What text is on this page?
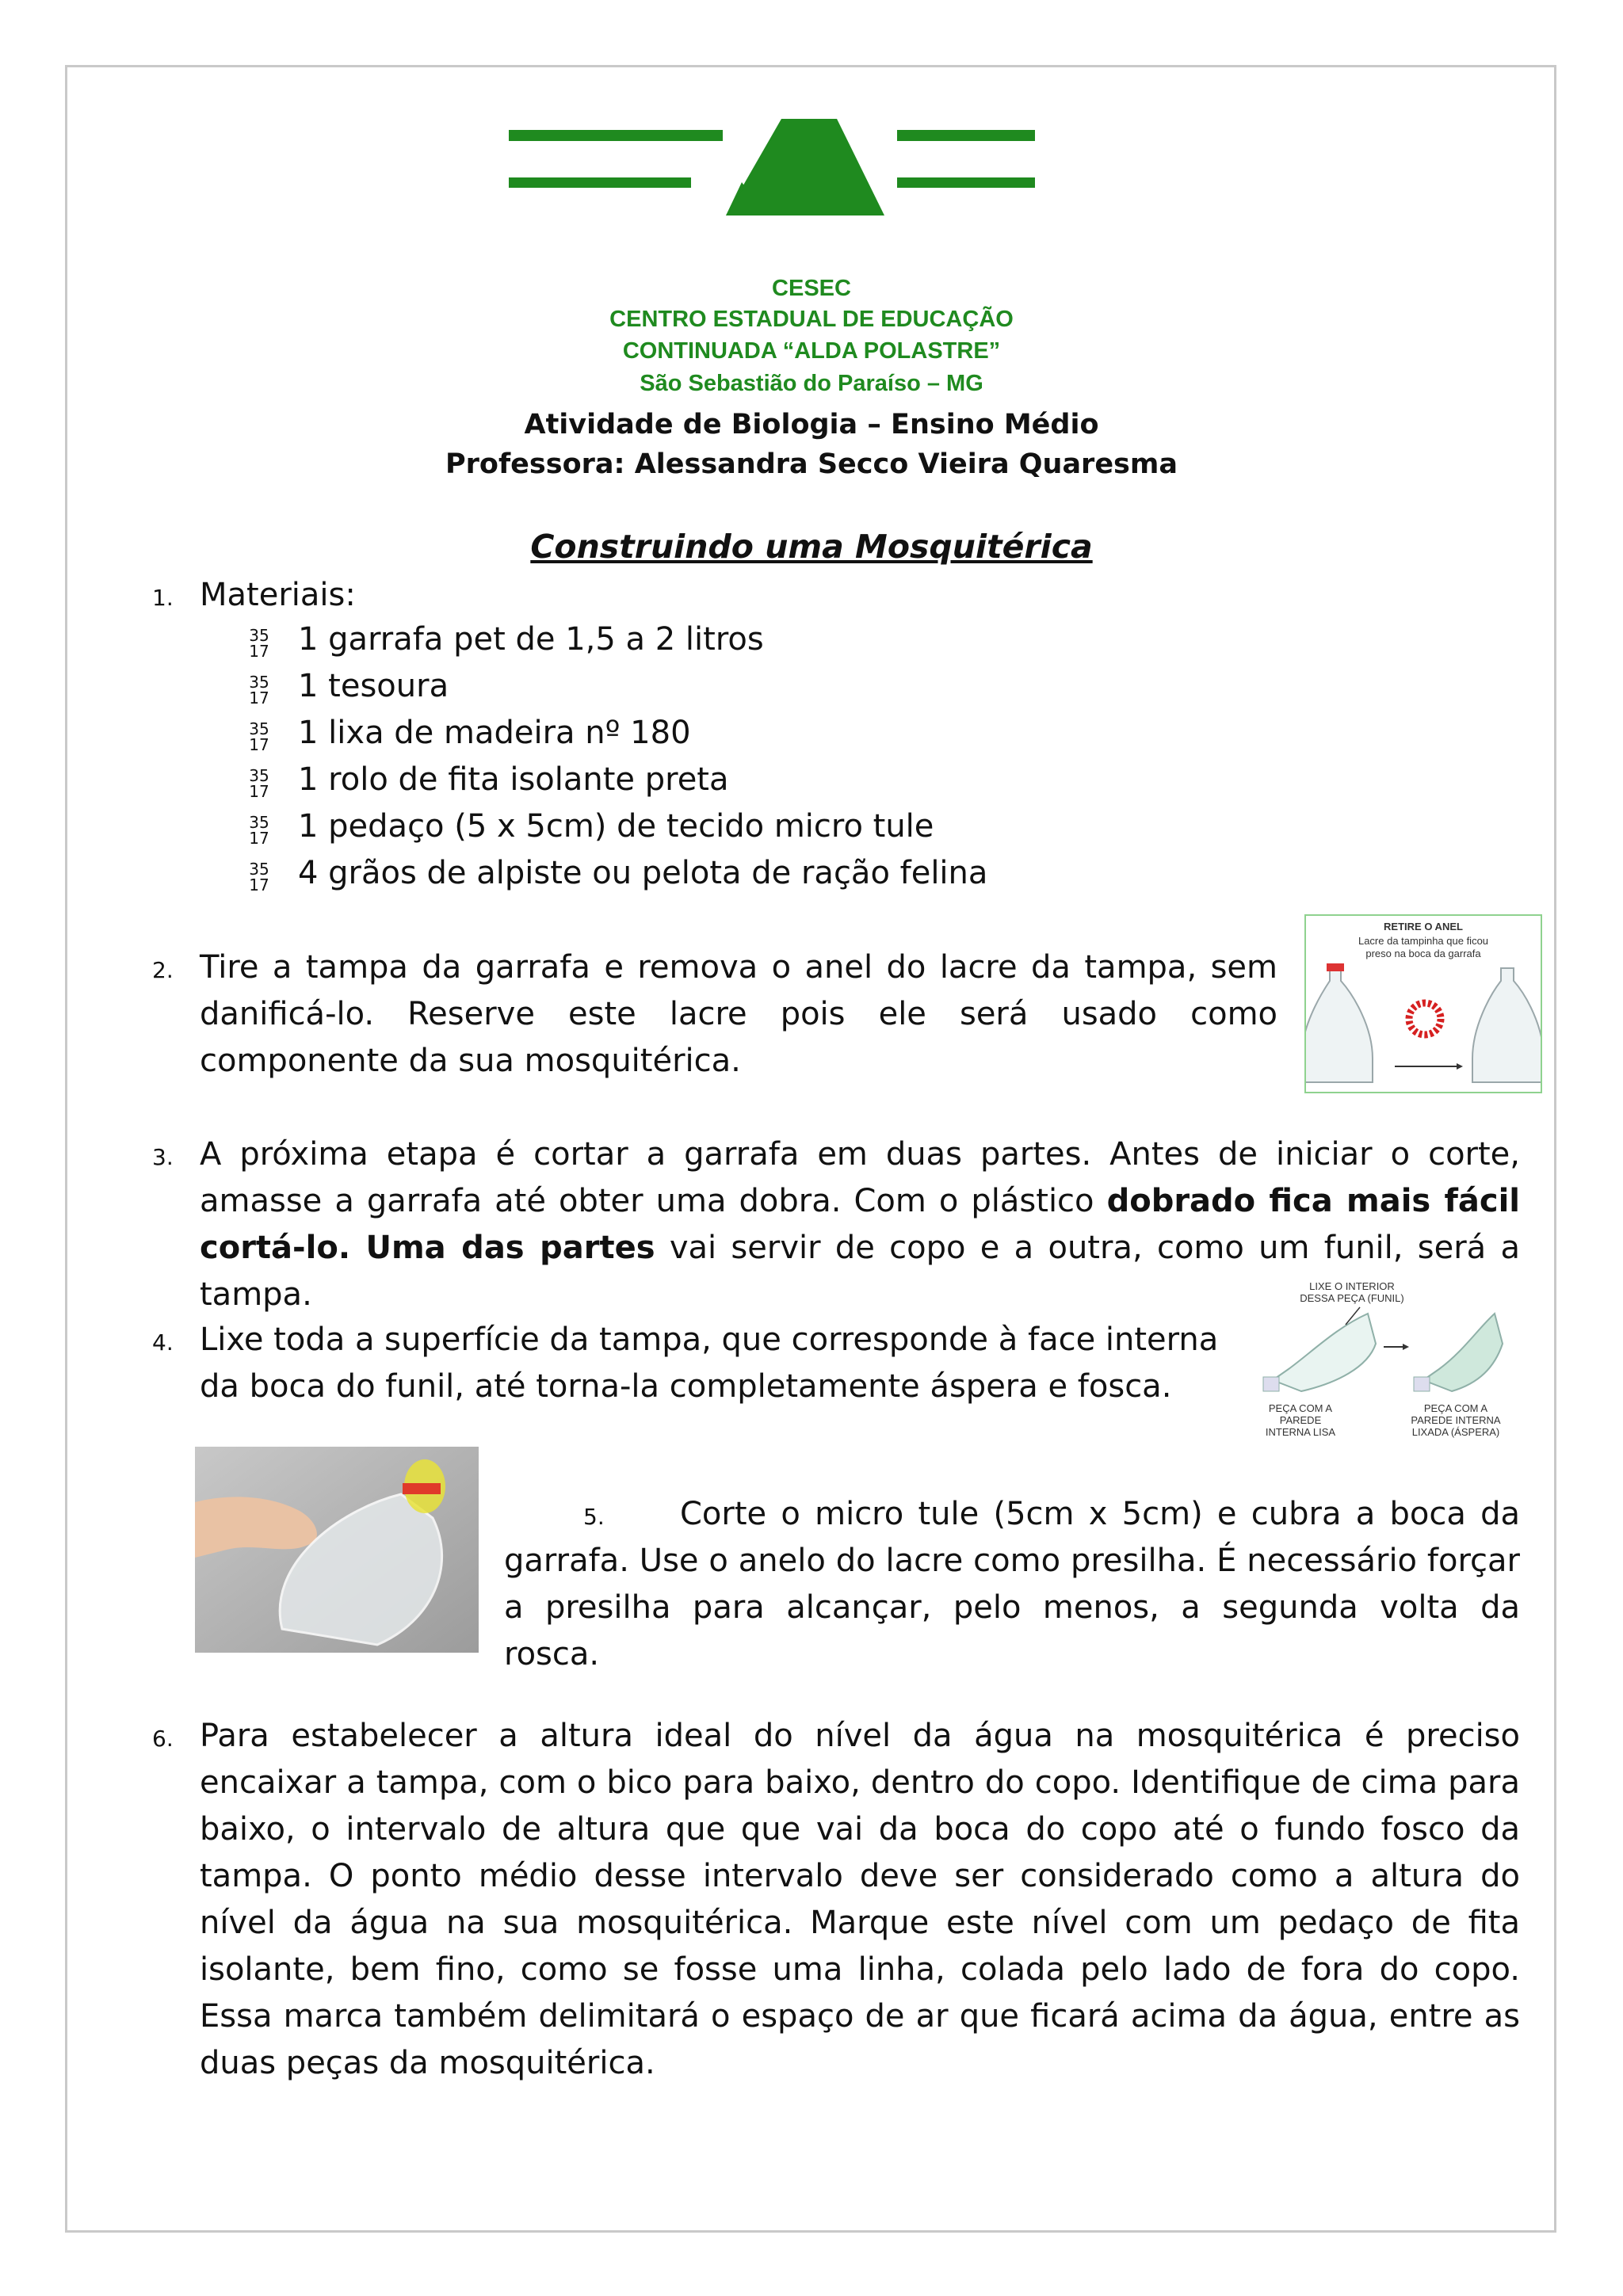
CESEC
CENTRO ESTADUAL DE EDUCAÇÃO
CONTINUADA “ALDA POLASTRE”
São Sebastião do Paraíso – MG
Atividade de Biologia – Ensino Médio
Professora: Alessandra Secco Vieira Quaresma
Construindo uma Mosquitérica
1. Materiais:
35
17 1 garrafa pet de 1,5 a 2 litros
35
17 1 tesoura
35
17 1 lixa de madeira nº 180
35
17 1 rolo de fita isolante preta
35
17 1 pedaço (5 x 5cm) de tecido micro tule
35
17 4 grãos de alpiste ou pelota de ração felina
2. Tire a tampa da garrafa e remova o anel do lacre da tampa, sem danificá-lo. Reserve este lacre pois ele será usado como componente da sua mosquitérica.
RETIRE O ANEL
Lacre da tampinha que ficou
preso na boca da garrafa
3. A próxima etapa é cortar a garrafa em duas partes. Antes de iniciar o corte, amasse a garrafa até obter uma dobra. Com o plástico dobrado fica mais fácil cortá-lo. Uma das partes vai servir de copo e a outra, como um funil, será a tampa.
4. Lixe toda a superfície da tampa, que corresponde à face interna da boca do funil, até torna-la completamente áspera e fosca.
LIXE O INTERIOR
DESSA PEÇA (FUNIL)
PEÇA COM A
PAREDE
INTERNA LISA
PEÇA COM A
PAREDE INTERNA
LIXADA (ÁSPERA)
5.	Corte o micro tule (5cm x 5cm) e cubra a boca da garrafa. Use o anelo do lacre como presilha. É necessário forçar a presilha para alcançar, pelo menos, a segunda volta da rosca.
6. Para estabelecer a altura ideal do nível da água na mosquitérica é preciso encaixar a tampa, com o bico para baixo, dentro do copo. Identifique de cima para baixo, o intervalo de altura que que vai da boca do copo até o fundo fosco da tampa. O ponto médio desse intervalo deve ser considerado como a altura do nível da água na sua mosquitérica. Marque este nível com um pedaço de fita isolante, bem fino, como se fosse uma linha, colada pelo lado de fora do copo. Essa marca também delimitará o espaço de ar que ficará acima da água, entre as duas peças da mosquitérica.
